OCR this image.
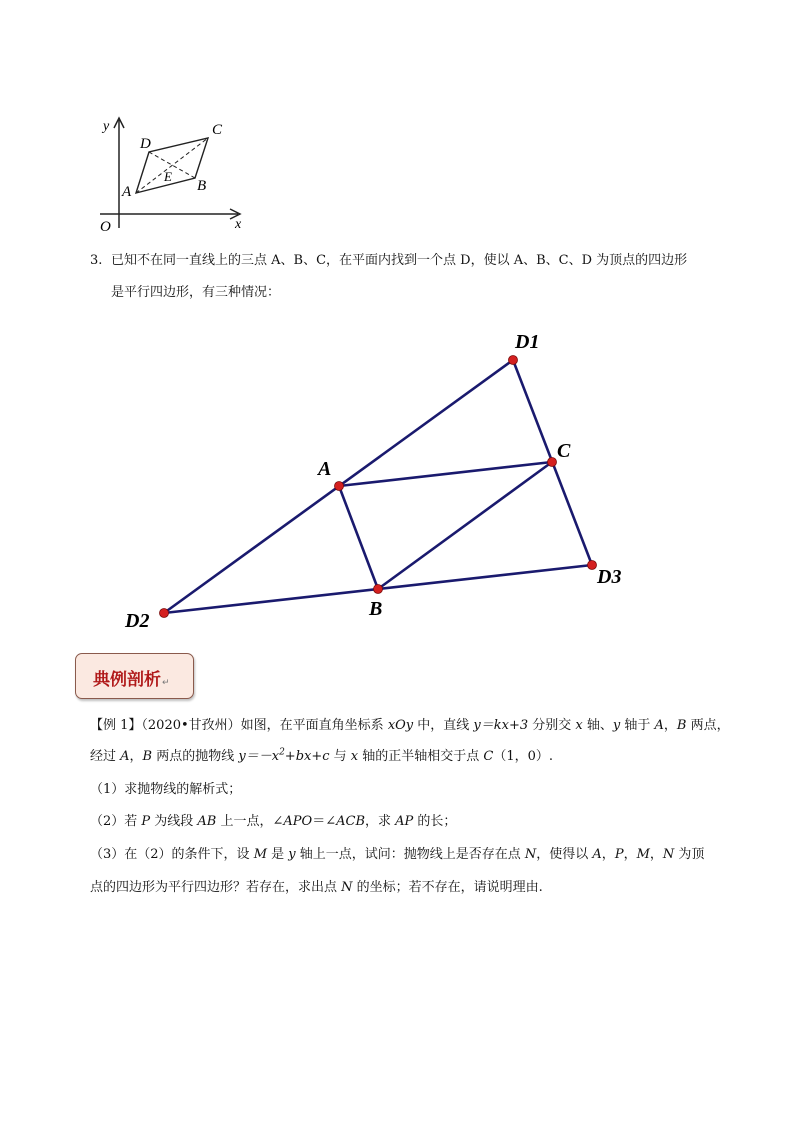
y
x
O
A	B
C
D
E
3. 已知不在同一直线上的三点 A、B、C，在平面内找到一个点 D，使以 A、B、C、D 为顶点的四边形
是平行四边形，有三种情况：
D1
C
A
D3
B
D2
典例剖析↵
【例 1】（2020•甘孜州）如图，在平面直角坐标系 xOy 中，直线 y＝kx+3 分别交 x 轴、y 轴于 A，B 两点，
经过 A，B 两点的抛物线 $y=-x^2+bx+c$ 与 x 轴的正半轴相交于点 C（1，0）.
（1）求抛物线的解析式；
（2）若 P 为线段 AB 上一点，∠APO＝∠ACB，求 AP 的长；
（3）在（2）的条件下，设 M 是 y 轴上一点，试问：抛物线上是否存在点 N，使得以 A，P，M，N 为顶
点的四边形为平行四边形？若存在，求出点 N 的坐标；若不存在，请说明理由.
